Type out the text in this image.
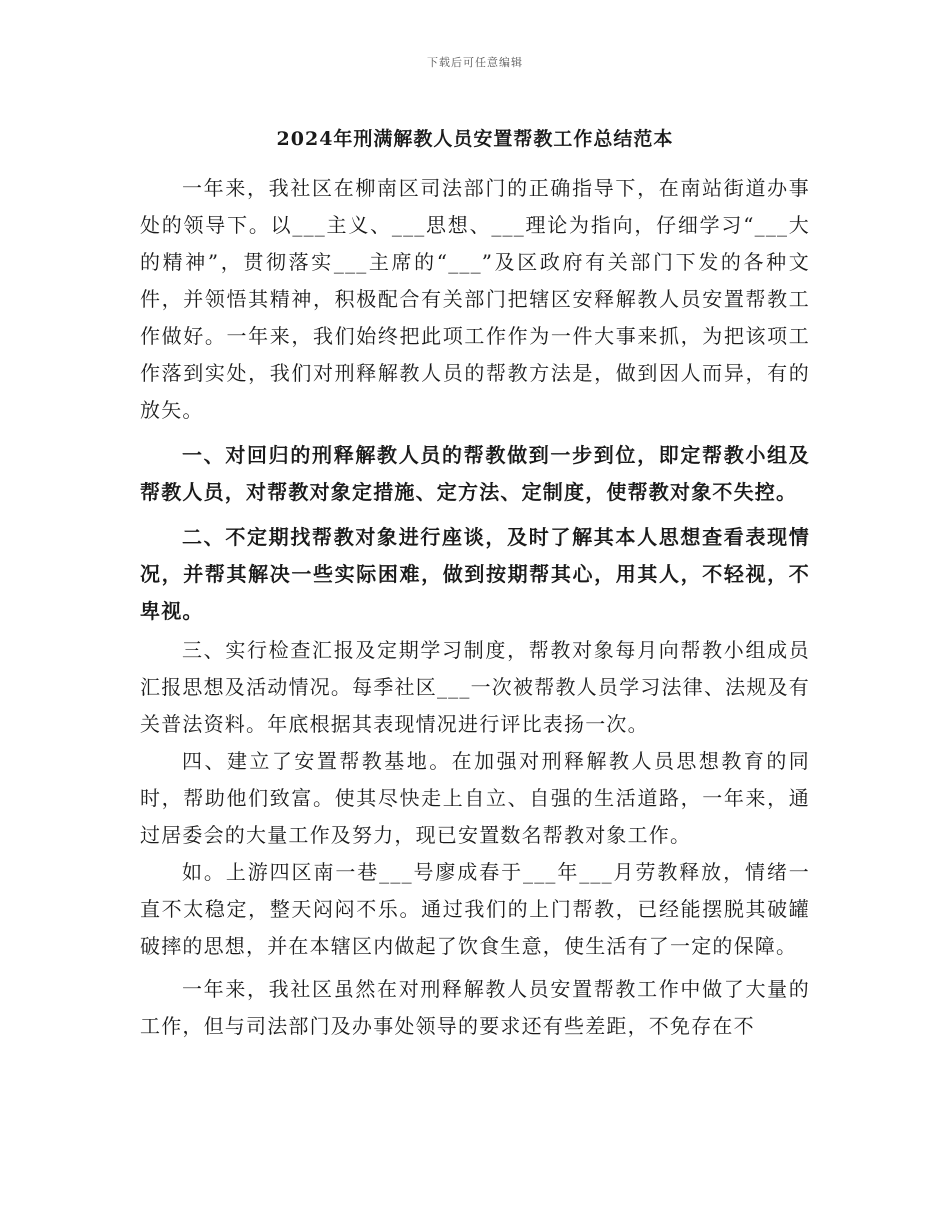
下载后可任意编辑
2024年刑满解教人员安置帮教工作总结范本

一年来，我社区在柳南区司法部门的正确指导下，在南站街道办事处的领导下。以___主义、___思想、___理论为指向，仔细学习“___大的精神”，贯彻落实___主席的“___”及区政府有关部门下发的各种文件，并领悟其精神，积极配合有关部门把辖区安释解教人员安置帮教工作做好。一年来，我们始终把此项工作作为一件大事来抓，为把该项工作落到实处，我们对刑释解教人员的帮教方法是，做到因人而异，有的放矢。

一、对回归的刑释解教人员的帮教做到一步到位，即定帮教小组及帮教人员，对帮教对象定措施、定方法、定制度，使帮教对象不失控。

二、不定期找帮教对象进行座谈，及时了解其本人思想查看表现情况，并帮其解决一些实际困难，做到按期帮其心，用其人，不轻视，不卑视。

三、实行检查汇报及定期学习制度，帮教对象每月向帮教小组成员汇报思想及活动情况。每季社区___一次被帮教人员学习法律、法规及有关普法资料。年底根据其表现情况进行评比表扬一次。

四、建立了安置帮教基地。在加强对刑释解教人员思想教育的同时，帮助他们致富。使其尽快走上自立、自强的生活道路，一年来，通过居委会的大量工作及努力，现已安置数名帮教对象工作。

如。上游四区南一巷___号廖成春于___年___月劳教释放，情绪一直不太稳定，整天闷闷不乐。通过我们的上门帮教，已经能摆脱其破罐破摔的思想，并在本辖区内做起了饮食生意，使生活有了一定的保障。

一年来，我社区虽然在对刑释解教人员安置帮教工作中做了大量的工作，但与司法部门及办事处领导的要求还有些差距，不免存在不
